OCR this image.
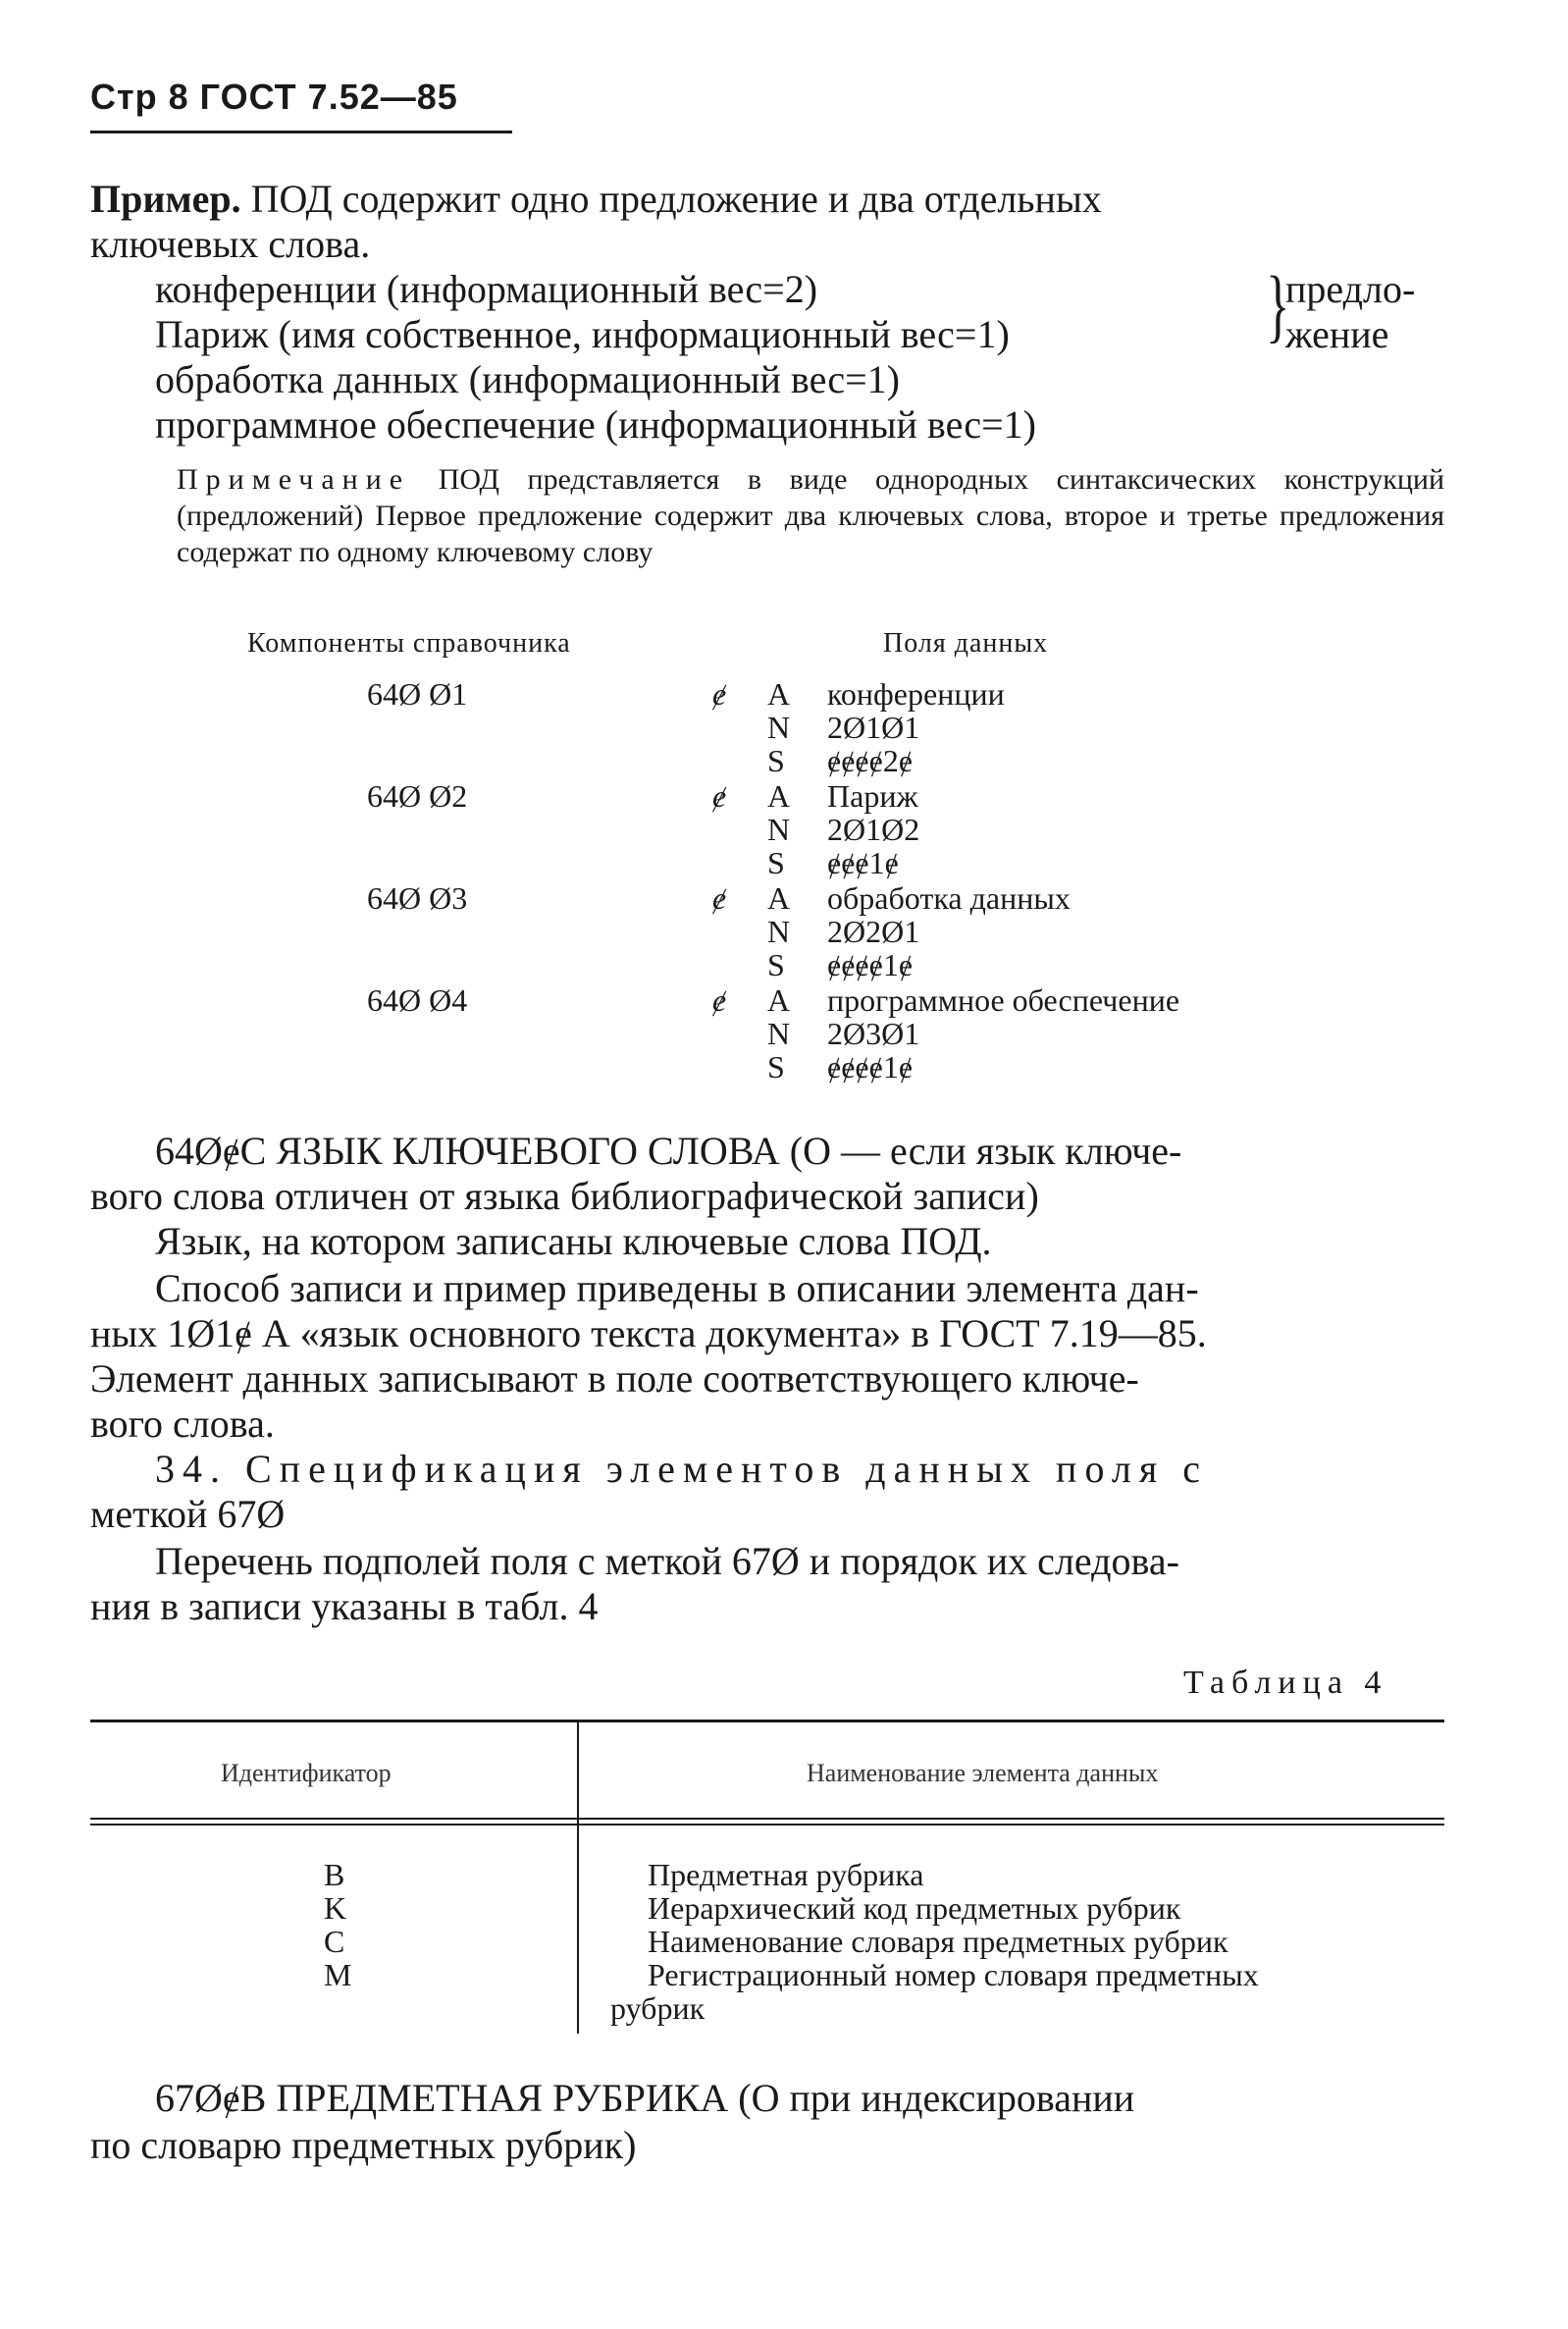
Стр 8 ГОСТ 7.52—85
Пример. ПОД содержит одно предложение и два отдельных
ключевых слова.
конференции (информационный вес=2)
Париж (имя собственное, информационный вес=1)
обработка данных (информационный вес=1)
программное обеспечение (информационный вес=1)
}
предло-
жение
Примечание ПОД представляется в виде однородных синтаксических конструкций (предложений) Первое предложение содержит два ключевых слова, второе и третье предложения содержат по одному ключевому слову
Компоненты справочника	Поля данных
64Ø Ø1	ɇ A конференции
N 2Ø1Ø1
S ɇɇɇɇ2ɇ
64Ø Ø2	ɇ A Париж
N 2Ø1Ø2
S ɇɇɇ1ɇ
64Ø Ø3	ɇ A обработка данных
N 2Ø2Ø1
S ɇɇɇɇ1ɇ
64Ø Ø4	ɇ A программное обеспечение
N 2Ø3Ø1
S ɇɇɇɇ1ɇ
64ØɇC ЯЗЫК КЛЮЧЕВОГО СЛОВА (О — если язык ключе-
вого слова отличен от языка библиографической записи)
Язык, на котором записаны ключевые слова ПОД.
Способ записи и пример приведены в описании элемента дан-
ных 1Ø1ɇ А «язык основного текста документа» в ГОСТ 7.19—85.
Элемент данных записывают в поле соответствующего ключе-
вого слова.
34. Спецификация элементов данных поля с
меткой 67Ø
Перечень подполей поля с меткой 67Ø и порядок их следова-
ния в записи указаны в табл. 4
Таблица 4
Идентификатор	Наименование элемента данных
B	Предметная рубрика
K	Иерархический код предметных рубрик
C	Наименование словаря предметных рубрик
M	Регистрационный номер словаря предметных
рубрик
67ØɇB ПРЕДМЕТНАЯ РУБРИКА (О при индексировании
по словарю предметных рубрик)
